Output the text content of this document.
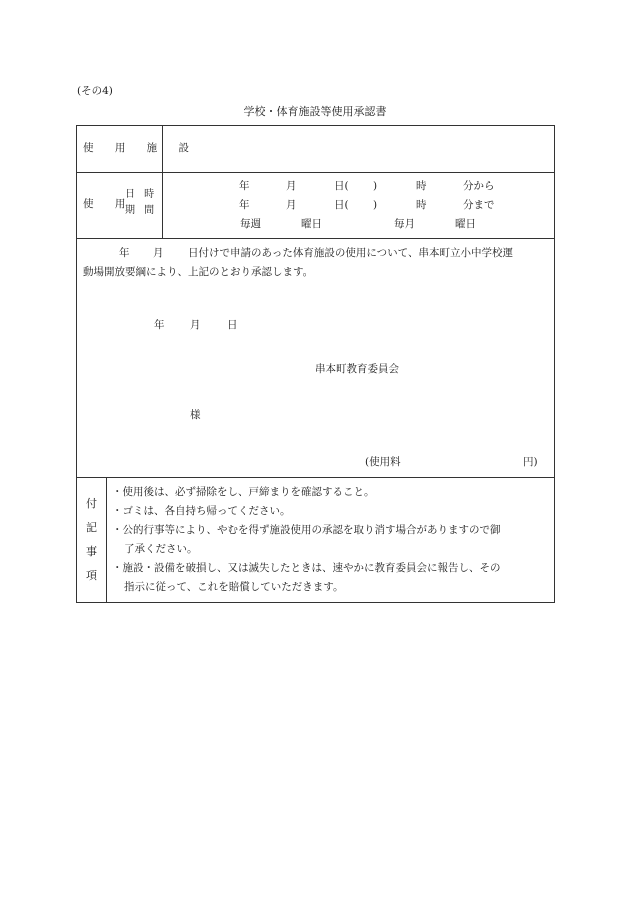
(その4)
学校・体育施設等使用承認書
使 用 施 設
使 用
日 時
期 間
年	月	日( )	時	分から
年	月	日( )	時	分まで
毎週	曜日	毎月	曜日
年 月 日付けで申請のあった体育施設の使用について、串本町立小中学校運
動場開放要綱により、上記のとおり承認します。
年 月	日
串本町教育委員会
様
(使用料	円)
付
記
事
項
・使用後は、必ず掃除をし、戸締まりを確認すること。
・ゴミは、各自持ち帰ってください。
・公的行事等により、やむを得ず施設使用の承認を取り消す場合がありますので御
了承ください。
・施設・設備を破損し、又は滅失したときは、速やかに教育委員会に報告し、その
指示に従って、これを賠償していただきます。
